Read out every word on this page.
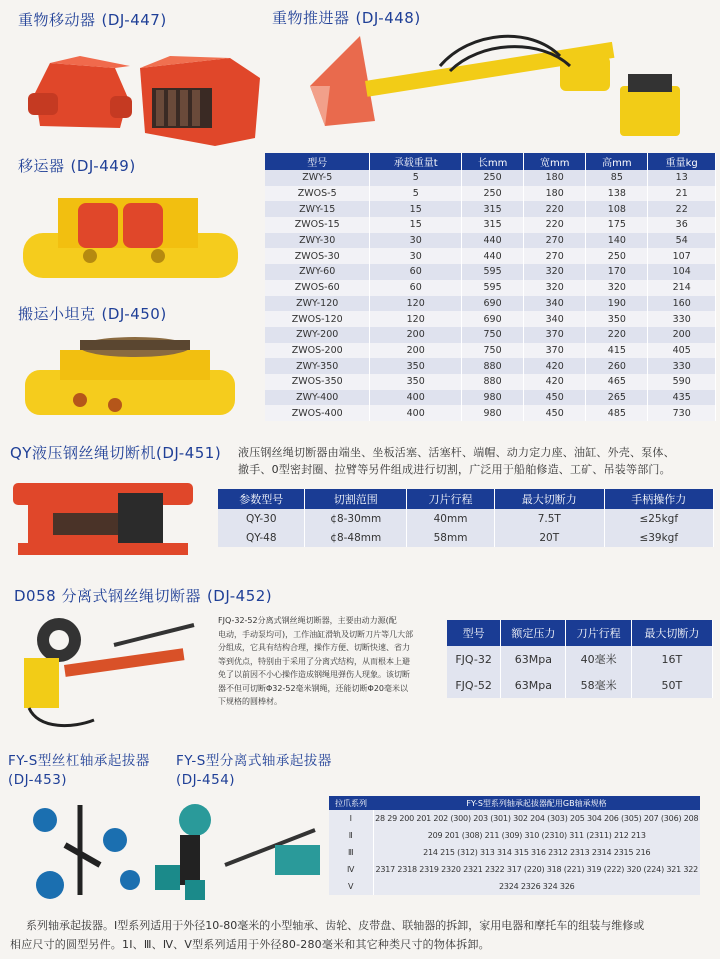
重物移动器 (DJ-447)	重物推进器 (DJ-448)
移运器 (DJ-449)
搬运小坦克 (DJ-450)
QY液压钢丝绳切断机(DJ-451)
D058 分离式钢丝绳切断器 (DJ-452)
FY-S型丝杠轴承起拔器
(DJ-453)
FY-S型分离式轴承起拔器
(DJ-454)
型号	承载重量t	长mm	宽mm	高mm	重量kg
ZWY-5	5	250	180	85	13
ZWOS-5	5	250	180	138	21
ZWY-15	15	315	220	108	22
ZWOS-15	15	315	220	175	36
ZWY-30	30	440	270	140	54
ZWOS-30	30	440	270	250	107
ZWY-60	60	595	320	170	104
ZWOS-60	60	595	320	320	214
ZWY-120	120	690	340	190	160
ZWOS-120	120	690	340	350	330
ZWY-200	200	750	370	220	200
ZWOS-200	200	750	370	415	405
ZWY-350	350	880	420	260	330
ZWOS-350	350	880	420	465	590
ZWY-400	400	980	450	265	435
ZWOS-400	400	980	450	485	730
液压钢丝绳切断器由端坐、坐板活塞、活塞杆、端帽、动力定力座、油缸、外壳、泵体、
撤手、0型密封圈、拉臂等另件组成进行切割，广泛用于船舶修造、工矿、吊装等部门。
参数型号	切割范围	刀片行程	最大切断力	手柄操作力
QY-30	¢8-30mm	40mm	7.5T	≤25kgf
QY-48	¢8-48mm	58mm	20T	≤39kgf
FJQ-32-52分离式钢丝绳切断器，主要由动力源(配
电动，手动泵均可)，工作油缸滑轨及切断刀片等几大部
分组成，它具有结构合理，操作方便、切断快速、省力
等到优点，特别由于采用了分离式结构，从而根本上避
免了以前因不小心操作造成钢绳甩弹伤人现象。该切断
器不但可切断Φ32-52毫米钢绳，还能切断Φ20毫米以
下规格的圆棒材。
型号	额定压力	刀片行程	最大切断力
FJQ-32	63Mpa	40毫米	16T
FJQ-52	63Mpa	58毫米	50T
拉爪系列	FY-S型系列轴承起拔器配用GB轴承规格
Ⅰ	28 29 200 201 202 (300) 203 (301) 302 204 (303) 205 304 206 (305) 207 (306) 208
Ⅱ	209 201 (308) 211 (309) 310 (2310) 311 (2311) 212 213
Ⅲ	214 215 (312) 313 314 315 316 2312 2313 2314 2315 216
Ⅳ	2317 2318 2319 2320 2321 2322 317 (220) 318 (221) 319 (222) 320 (224) 321 322
Ⅴ	2324 2326 324 326
系列轴承起拔器。Ⅰ型系列适用于外径10-80毫米的小型轴承、齿轮、皮带盘、联轴器的拆卸，家用电器和摩托车的组装与维修或
相应尺寸的圆型另件。1Ⅰ、Ⅲ、Ⅳ、Ⅴ型系列适用于外径80-280毫米和其它种类尺寸的物体拆卸。
